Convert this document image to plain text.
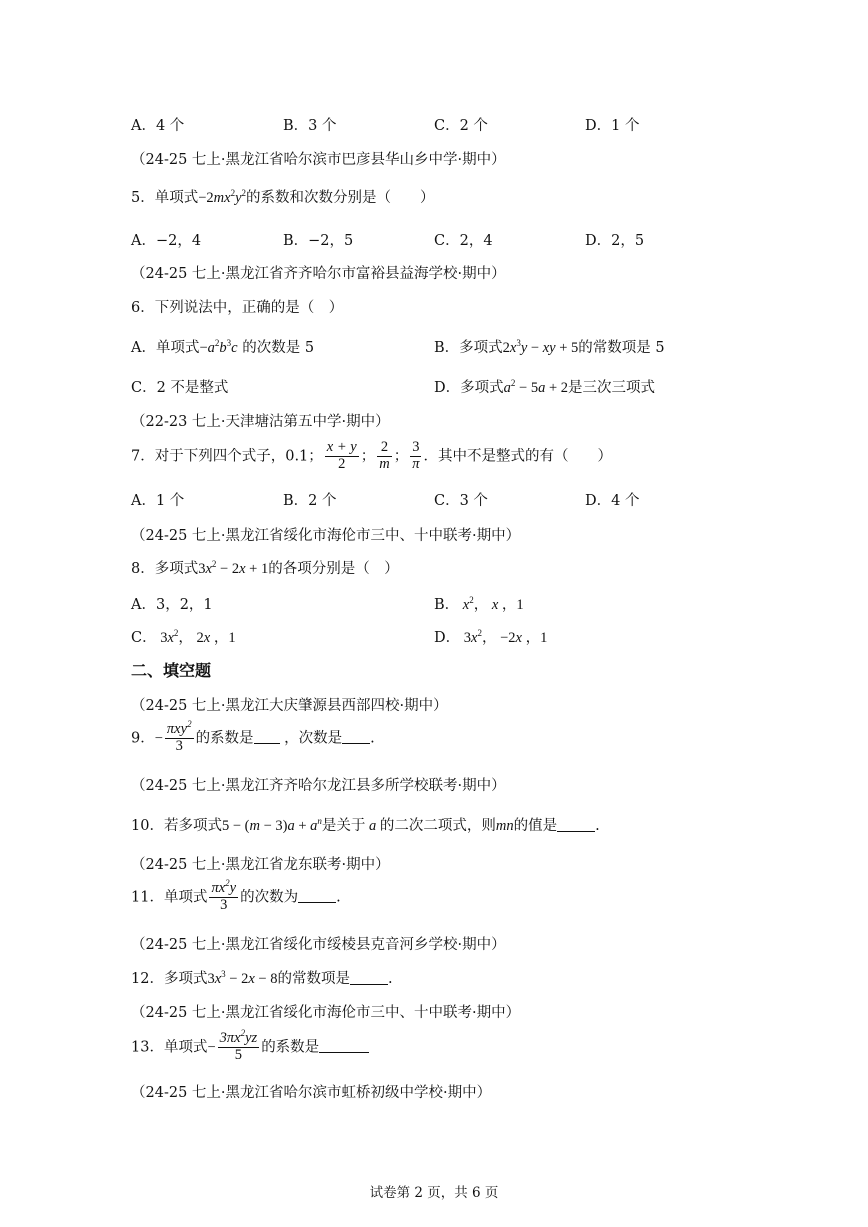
A．4 个	B．3 个	C．2 个	D．1 个
（24-25 七上·黑龙江省哈尔滨市巴彦县华山乡中学·期中）
5．单项式$-2mx^2y^2$的系数和次数分别是（　　）
A．−2，4	B．−2，5	C．2，4	D．2，5
（24-25 七上·黑龙江省齐齐哈尔市富裕县益海学校·期中）
6．下列说法中，正确的是（　）
A．单项式$-a^2b^3c$ 的次数是 5	B．多项式$2x^3y$ − xy + 5的常数项是 5
C．2 不是整式	D．多项式$a^2 - 5a + 2$是三次三项式
（22-23 七上·天津塘沽第五中学·期中）
7．对于下列四个式子，0.1； $\frac{x + y}{2}$ ； $\frac{2}{m}$ ； $\frac{3}{\pi}$ ．其中不是整式的有（　　）
A．1 个	B．2 个	C．3 个	D．4 个
（24-25 七上·黑龙江省绥化市海伦市三中、十中联考·期中）
8．多项式$3x^2 - 2x + 1$的各项分别是（　）
A．3，2，1	B． $x^2$， x ，1
C． $3x^2$， 2x ，1	D． $3x^2$， −2x ，1
二、填空题
（24-25 七上·黑龙江大庆肇源县西部四校·期中）
9．− $\frac{\pi xy^2}{3}$ 的系数是 ，次数是 .
（24-25 七上·黑龙江齐齐哈尔龙江县多所学校联考·期中）
10．若多项式$5 - (m - 3)a + a^n$是关于 a 的二次二项式，则mn的值是	.
（24-25 七上·黑龙江省龙东联考·期中）
11．单项式 $\frac{\pi x^2y}{3}$ 的次数为	.
（24-25 七上·黑龙江省绥化市绥棱县克音河乡学校·期中）
12．多项式$3x^3 - 2x - 8$的常数项是	.
（24-25 七上·黑龙江省绥化市海伦市三中、十中联考·期中）
13．单项式− $\frac{3\pi x^2yz}{5}$ 的系数是
（24-25 七上·黑龙江省哈尔滨市虹桥初级中学校·期中）
试卷第 2 页，共 6 页
